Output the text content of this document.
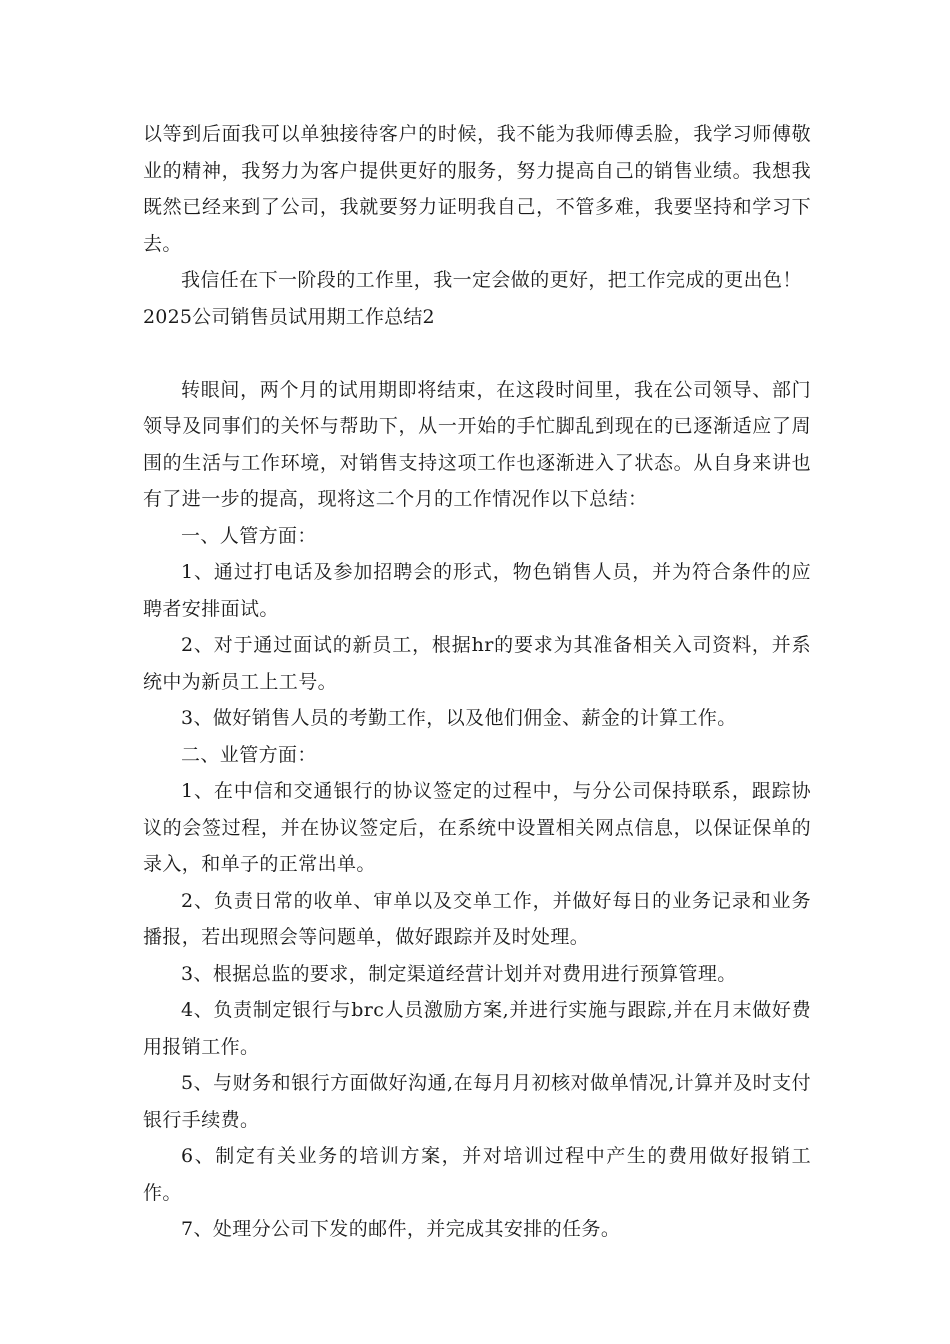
以等到后面我可以单独接待客户的时候，我不能为我师傅丢脸，我学习师傅敬业的精神，我努力为客户提供更好的服务，努力提高自己的销售业绩。我想我既然已经来到了公司，我就要努力证明我自己，不管多难，我要坚持和学习下去。

我信任在下一阶段的工作里，我一定会做的更好，把工作完成的更出色！

2025公司销售员试用期工作总结2

转眼间，两个月的试用期即将结束，在这段时间里，我在公司领导、部门领导及同事们的关怀与帮助下，从一开始的手忙脚乱到现在的已逐渐适应了周围的生活与工作环境，对销售支持这项工作也逐渐进入了状态。从自身来讲也有了进一步的提高，现将这二个月的工作情况作以下总结：

一、人管方面：

1、通过打电话及参加招聘会的形式，物色销售人员，并为符合条件的应聘者安排面试。

2、对于通过面试的新员工，根据hr的要求为其准备相关入司资料，并系统中为新员工上工号。

3、做好销售人员的考勤工作，以及他们佣金、薪金的计算工作。

二、业管方面：

1、在中信和交通银行的协议签定的过程中，与分公司保持联系，跟踪协议的会签过程，并在协议签定后，在系统中设置相关网点信息，以保证保单的录入，和单子的正常出单。

2、负责日常的收单、审单以及交单工作，并做好每日的业务记录和业务播报，若出现照会等问题单，做好跟踪并及时处理。

3、根据总监的要求，制定渠道经营计划并对费用进行预算管理。

4、负责制定银行与brc人员激励方案,并进行实施与跟踪,并在月末做好费用报销工作。

5、与财务和银行方面做好沟通,在每月月初核对做单情况,计算并及时支付银行手续费。

6、制定有关业务的培训方案，并对培训过程中产生的费用做好报销工作。

7、处理分公司下发的邮件，并完成其安排的任务。
